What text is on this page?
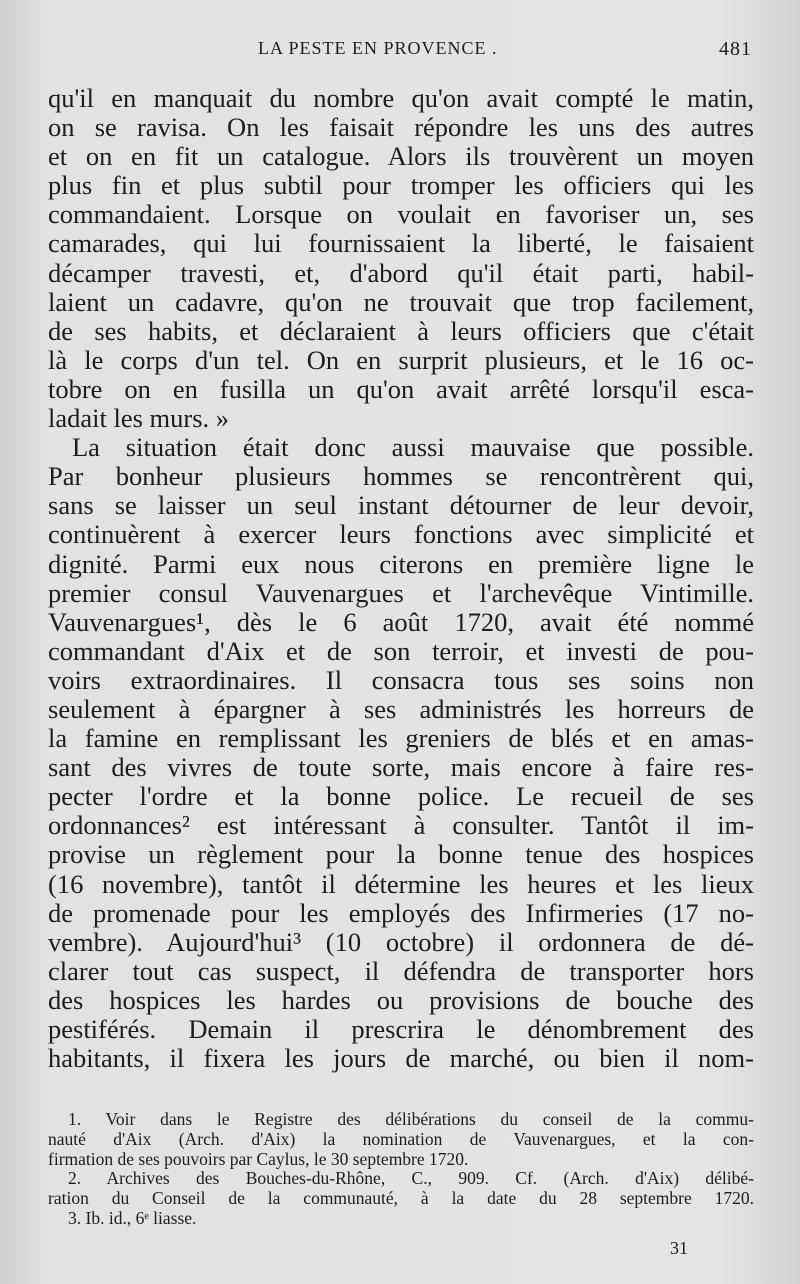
LA PESTE EN PROVENCE .	481
qu'il en manquait du nombre qu'on avait compté le matin,
on se ravisa. On les faisait répondre les uns des autres
et on en fit un catalogue. Alors ils trouvèrent un moyen
plus fin et plus subtil pour tromper les officiers qui les
commandaient. Lorsque on voulait en favoriser un, ses
camarades, qui lui fournissaient la liberté, le faisaient
décamper travesti, et, d'abord qu'il était parti, habil-
laient un cadavre, qu'on ne trouvait que trop facilement,
de ses habits, et déclaraient à leurs officiers que c'était
là le corps d'un tel. On en surprit plusieurs, et le 16 oc-
tobre on en fusilla un qu'on avait arrêté lorsqu'il esca-
ladait les murs. »
La situation était donc aussi mauvaise que possible.
Par bonheur plusieurs hommes se rencontrèrent qui,
sans se laisser un seul instant détourner de leur devoir,
continuèrent à exercer leurs fonctions avec simplicité et
dignité. Parmi eux nous citerons en première ligne le
premier consul Vauvenargues et l'archevêque Vintimille.
Vauvenargues¹, dès le 6 août 1720, avait été nommé
commandant d'Aix et de son terroir, et investi de pou-
voirs extraordinaires. Il consacra tous ses soins non
seulement à épargner à ses administrés les horreurs de
la famine en remplissant les greniers de blés et en amas-
sant des vivres de toute sorte, mais encore à faire res-
pecter l'ordre et la bonne police. Le recueil de ses
ordonnances² est intéressant à consulter. Tantôt il im-
provise un règlement pour la bonne tenue des hospices
(16 novembre), tantôt il détermine les heures et les lieux
de promenade pour les employés des Infirmeries (17 no-
vembre). Aujourd'hui³ (10 octobre) il ordonnera de dé-
clarer tout cas suspect, il défendra de transporter hors
des hospices les hardes ou provisions de bouche des
pestiférés. Demain il prescrira le dénombrement des
habitants, il fixera les jours de marché, ou bien il nom-
1. Voir dans le Registre des délibérations du conseil de la commu-
nauté d'Aix (Arch. d'Aix) la nomination de Vauvenargues, et la con-
firmation de ses pouvoirs par Caylus, le 30 septembre 1720.
2. Archives des Bouches-du-Rhône, C., 909. Cf. (Arch. d'Aix) délibé-
ration du Conseil de la communauté, à la date du 28 septembre 1720.
3. Ib. id., 6ᵉ liasse.
31
